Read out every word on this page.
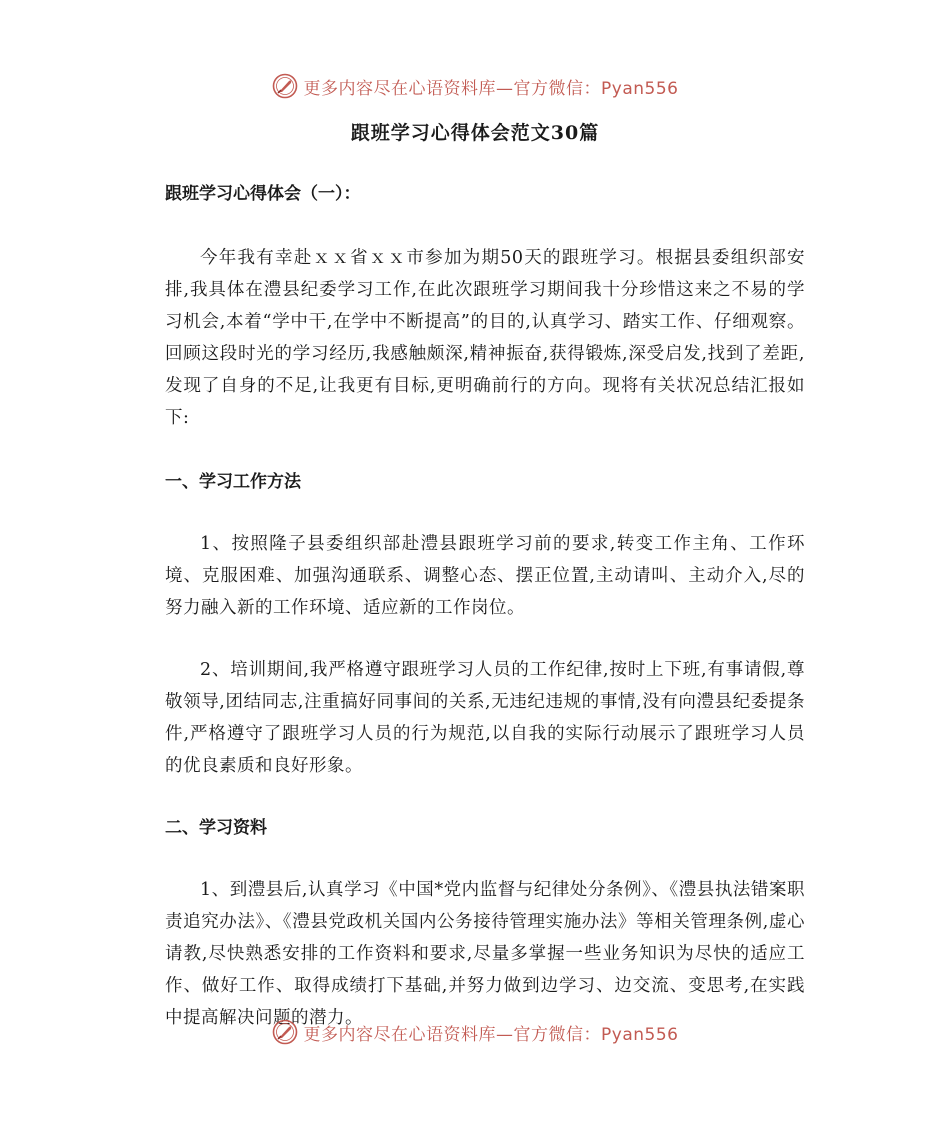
更多内容尽在心语资料库—官方微信：Pyan556
跟班学习心得体会范文30篇

跟班学习心得体会（一）：

今年我有幸赴ｘｘ省ｘｘ市参加为期50天的跟班学习。根据县委组织部安排,我具体在澧县纪委学习工作,在此次跟班学习期间我十分珍惜这来之不易的学习机会,本着“学中干,在学中不断提高”的目的,认真学习、踏实工作、仔细观察。回顾这段时光的学习经历,我感触颇深,精神振奋,获得锻炼,深受启发,找到了差距,发现了自身的不足,让我更有目标,更明确前行的方向。现将有关状况总结汇报如下:

一、学习工作方法

1、按照隆子县委组织部赴澧县跟班学习前的要求,转变工作主角、工作环境、克服困难、加强沟通联系、调整心态、摆正位置,主动请叫、主动介入,尽的努力融入新的工作环境、适应新的工作岗位。

2、培训期间,我严格遵守跟班学习人员的工作纪律,按时上下班,有事请假,尊敬领导,团结同志,注重搞好同事间的关系,无违纪违规的事情,没有向澧县纪委提条件,严格遵守了跟班学习人员的行为规范,以自我的实际行动展示了跟班学习人员的优良素质和良好形象。

二、学习资料

1、到澧县后,认真学习《中国*党内监督与纪律处分条例》、《澧县执法错案职责追究办法》、《澧县党政机关国内公务接待管理实施办法》等相关管理条例,虚心请教,尽快熟悉安排的工作资料和要求,尽量多掌握一些业务知识为尽快的适应工作、做好工作、取得成绩打下基础,并努力做到边学习、边交流、变思考,在实践中提高解决问题的潜力。

更多内容尽在心语资料库—官方微信：Pyan556
